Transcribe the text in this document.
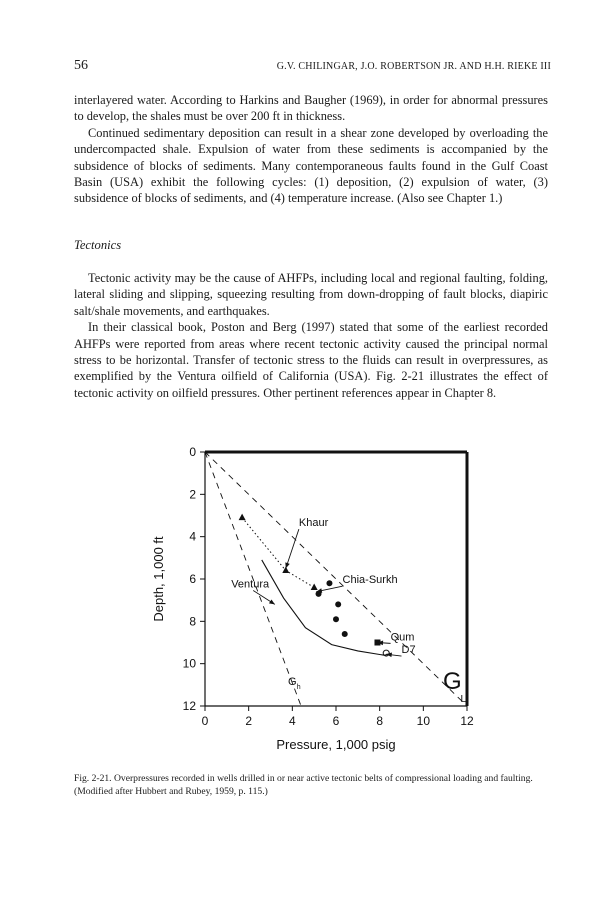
56	G.V. CHILINGAR, J.O. ROBERTSON JR. AND H.H. RIEKE III

interlayered water. According to Harkins and Baugher (1969), in order for abnormal pressures to develop, the shales must be over 200 ft in thickness.

Continued sedimentary deposition can result in a shear zone developed by overloading the undercompacted shale. Expulsion of water from these sediments is accompanied by the subsidence of blocks of sediments. Many contemporaneous faults found in the Gulf Coast Basin (USA) exhibit the following cycles: (1) deposition, (2) expulsion of water, (3) subsidence of blocks of sediments, and (4) temperature increase. (Also see Chapter 1.)

Tectonics

Tectonic activity may be the cause of AHFPs, including local and regional faulting, folding, lateral sliding and slipping, squeezing resulting from down-dropping of fault blocks, diapiric salt/shale movements, and earthquakes.

In their classical book, Poston and Berg (1997) stated that some of the earliest recorded AHFPs were reported from areas where recent tectonic activity caused the principal normal stress to be horizontal. Transfer of tectonic stress to the fluids can result in overpressures, as exemplified by the Ventura oilfield of California (USA). Fig. 2-21 illustrates the effect of tectonic activity on oilfield pressures. Other pertinent references appear in Chapter 8.

0	2	4	6	8	10	12
0
2
4
6
8
10
12
Pressure, 1,000 psig
Depth, 1,000 ft
G h	G
L
Khaur
Chia-Surkh
Ventura
Qum
D7
Fig. 2-21. Overpressures recorded in wells drilled in or near active tectonic belts of compressional loading and faulting. (Modified after Hubbert and Rubey, 1959, p. 115.)
